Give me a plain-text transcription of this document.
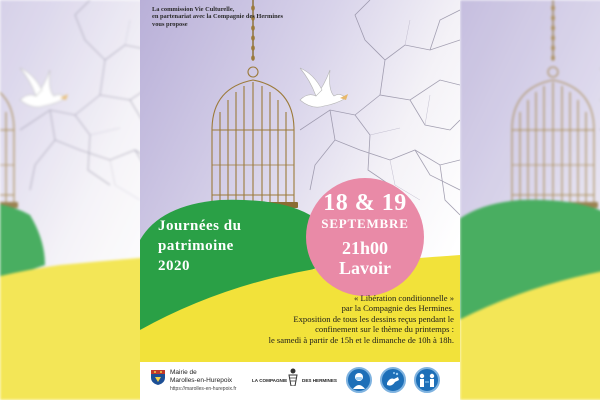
La commission Vie Culturelle,
en partenariat avec la Compagnie des Hermines
vous propose
Journées du
patrimoine
2020
18 & 19
SEPTEMBRE
21h00
Lavoir
« Libération conditionnelle »
par la Compagnie des Hermines.
Exposition de tous les dessins reçus pendant le
confinement sur le thème du printemps :
le samedi à partir de 15h et le dimanche de 10h à 18h.
Mairie de
Marolles-en-Hurepoix
https://marolles-en-hurepoix.fr
LA COMPAGNIE	DES HERMINES
